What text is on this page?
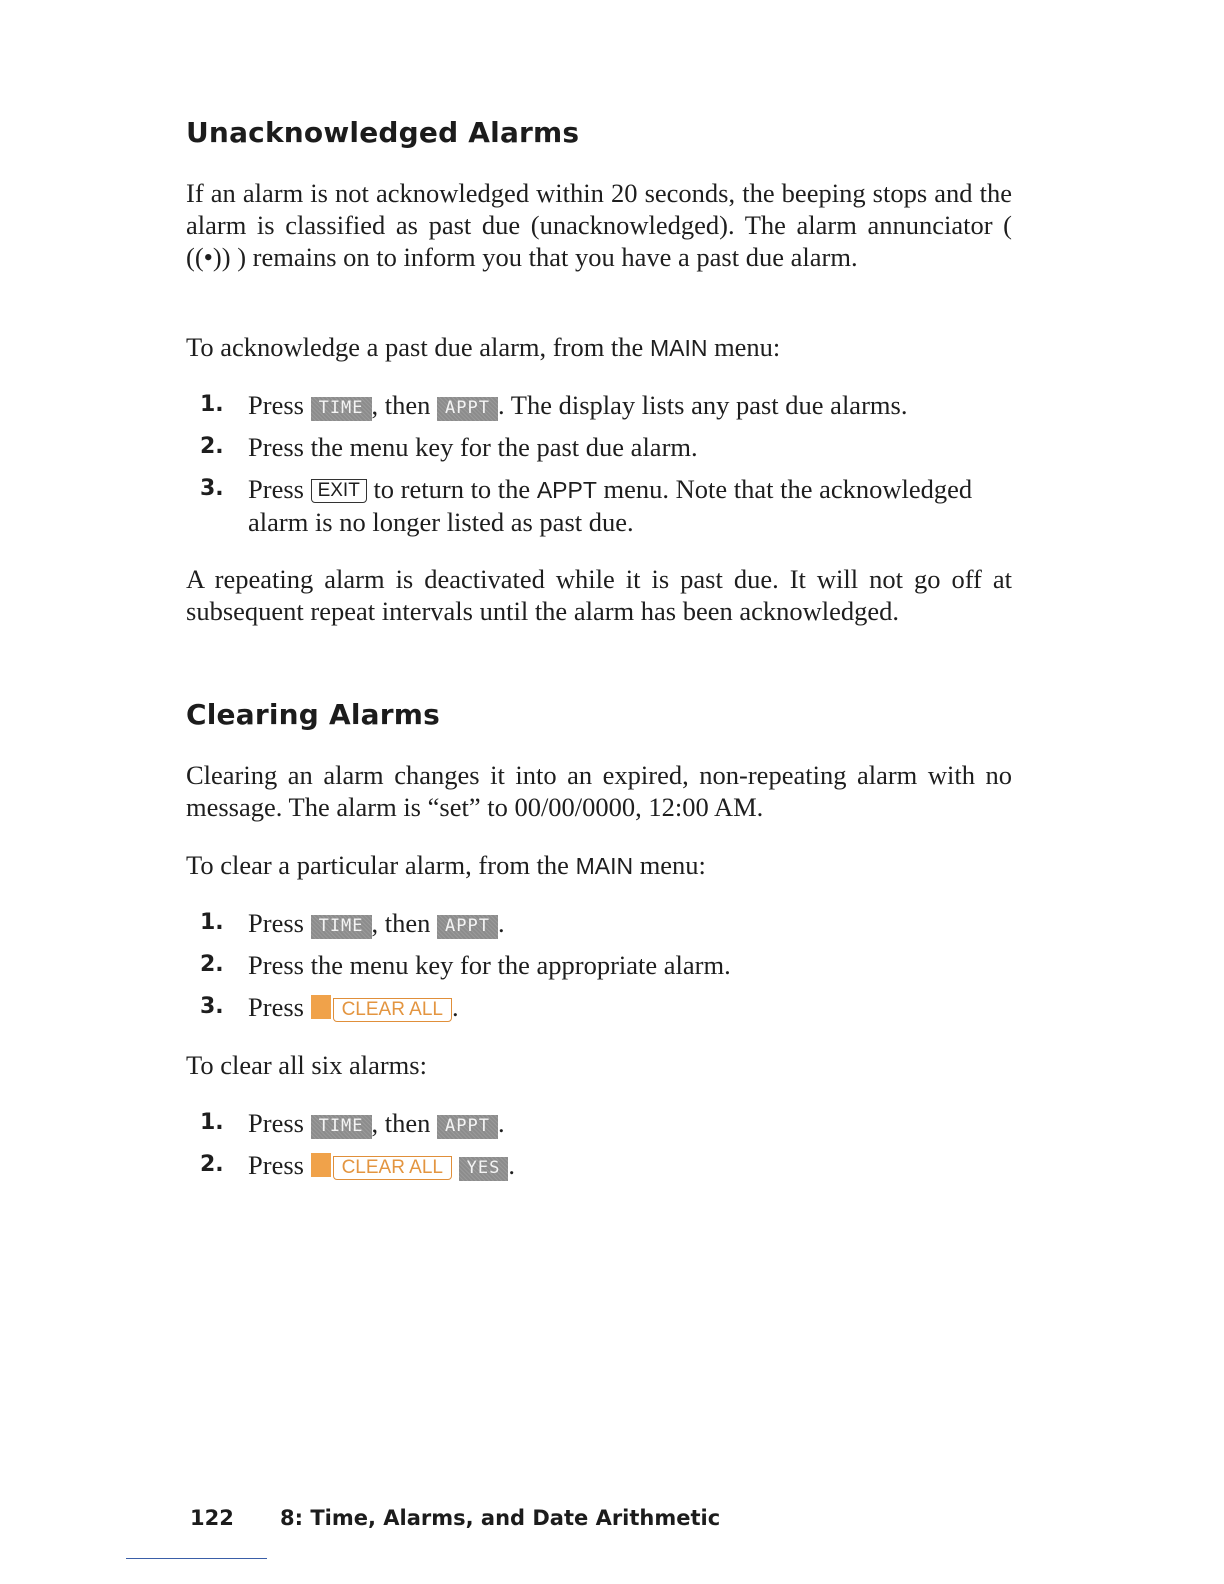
Unacknowledged Alarms

If an alarm is not acknowledged within 20 seconds, the beeping stops and the alarm is classified as past due (unacknowledged). The alarm annunciator ( ((•)) ) remains on to inform you that you have a past due alarm.

To acknowledge a past due alarm, from the MAIN menu:

1. Press TIME , then APPT . The display lists any past due alarms.
2. Press the menu key for the past due alarm.
3. Press EXIT to return to the APPT menu. Note that the acknowledged alarm is no longer listed as past due.

A repeating alarm is deactivated while it is past due. It will not go off at subsequent repeat intervals until the alarm has been acknowledged.

Clearing Alarms

Clearing an alarm changes it into an expired, non-repeating alarm with no message. The alarm is “set” to 00/00/0000, 12:00 AM.

To clear a particular alarm, from the MAIN menu:

1. Press TIME , then APPT .
2. Press the menu key for the appropriate alarm.
3. Press CLEAR ALL .

To clear all six alarms:

1. Press TIME , then APPT .
2. Press CLEAR ALL YES .
122 8: Time, Alarms, and Date Arithmetic
